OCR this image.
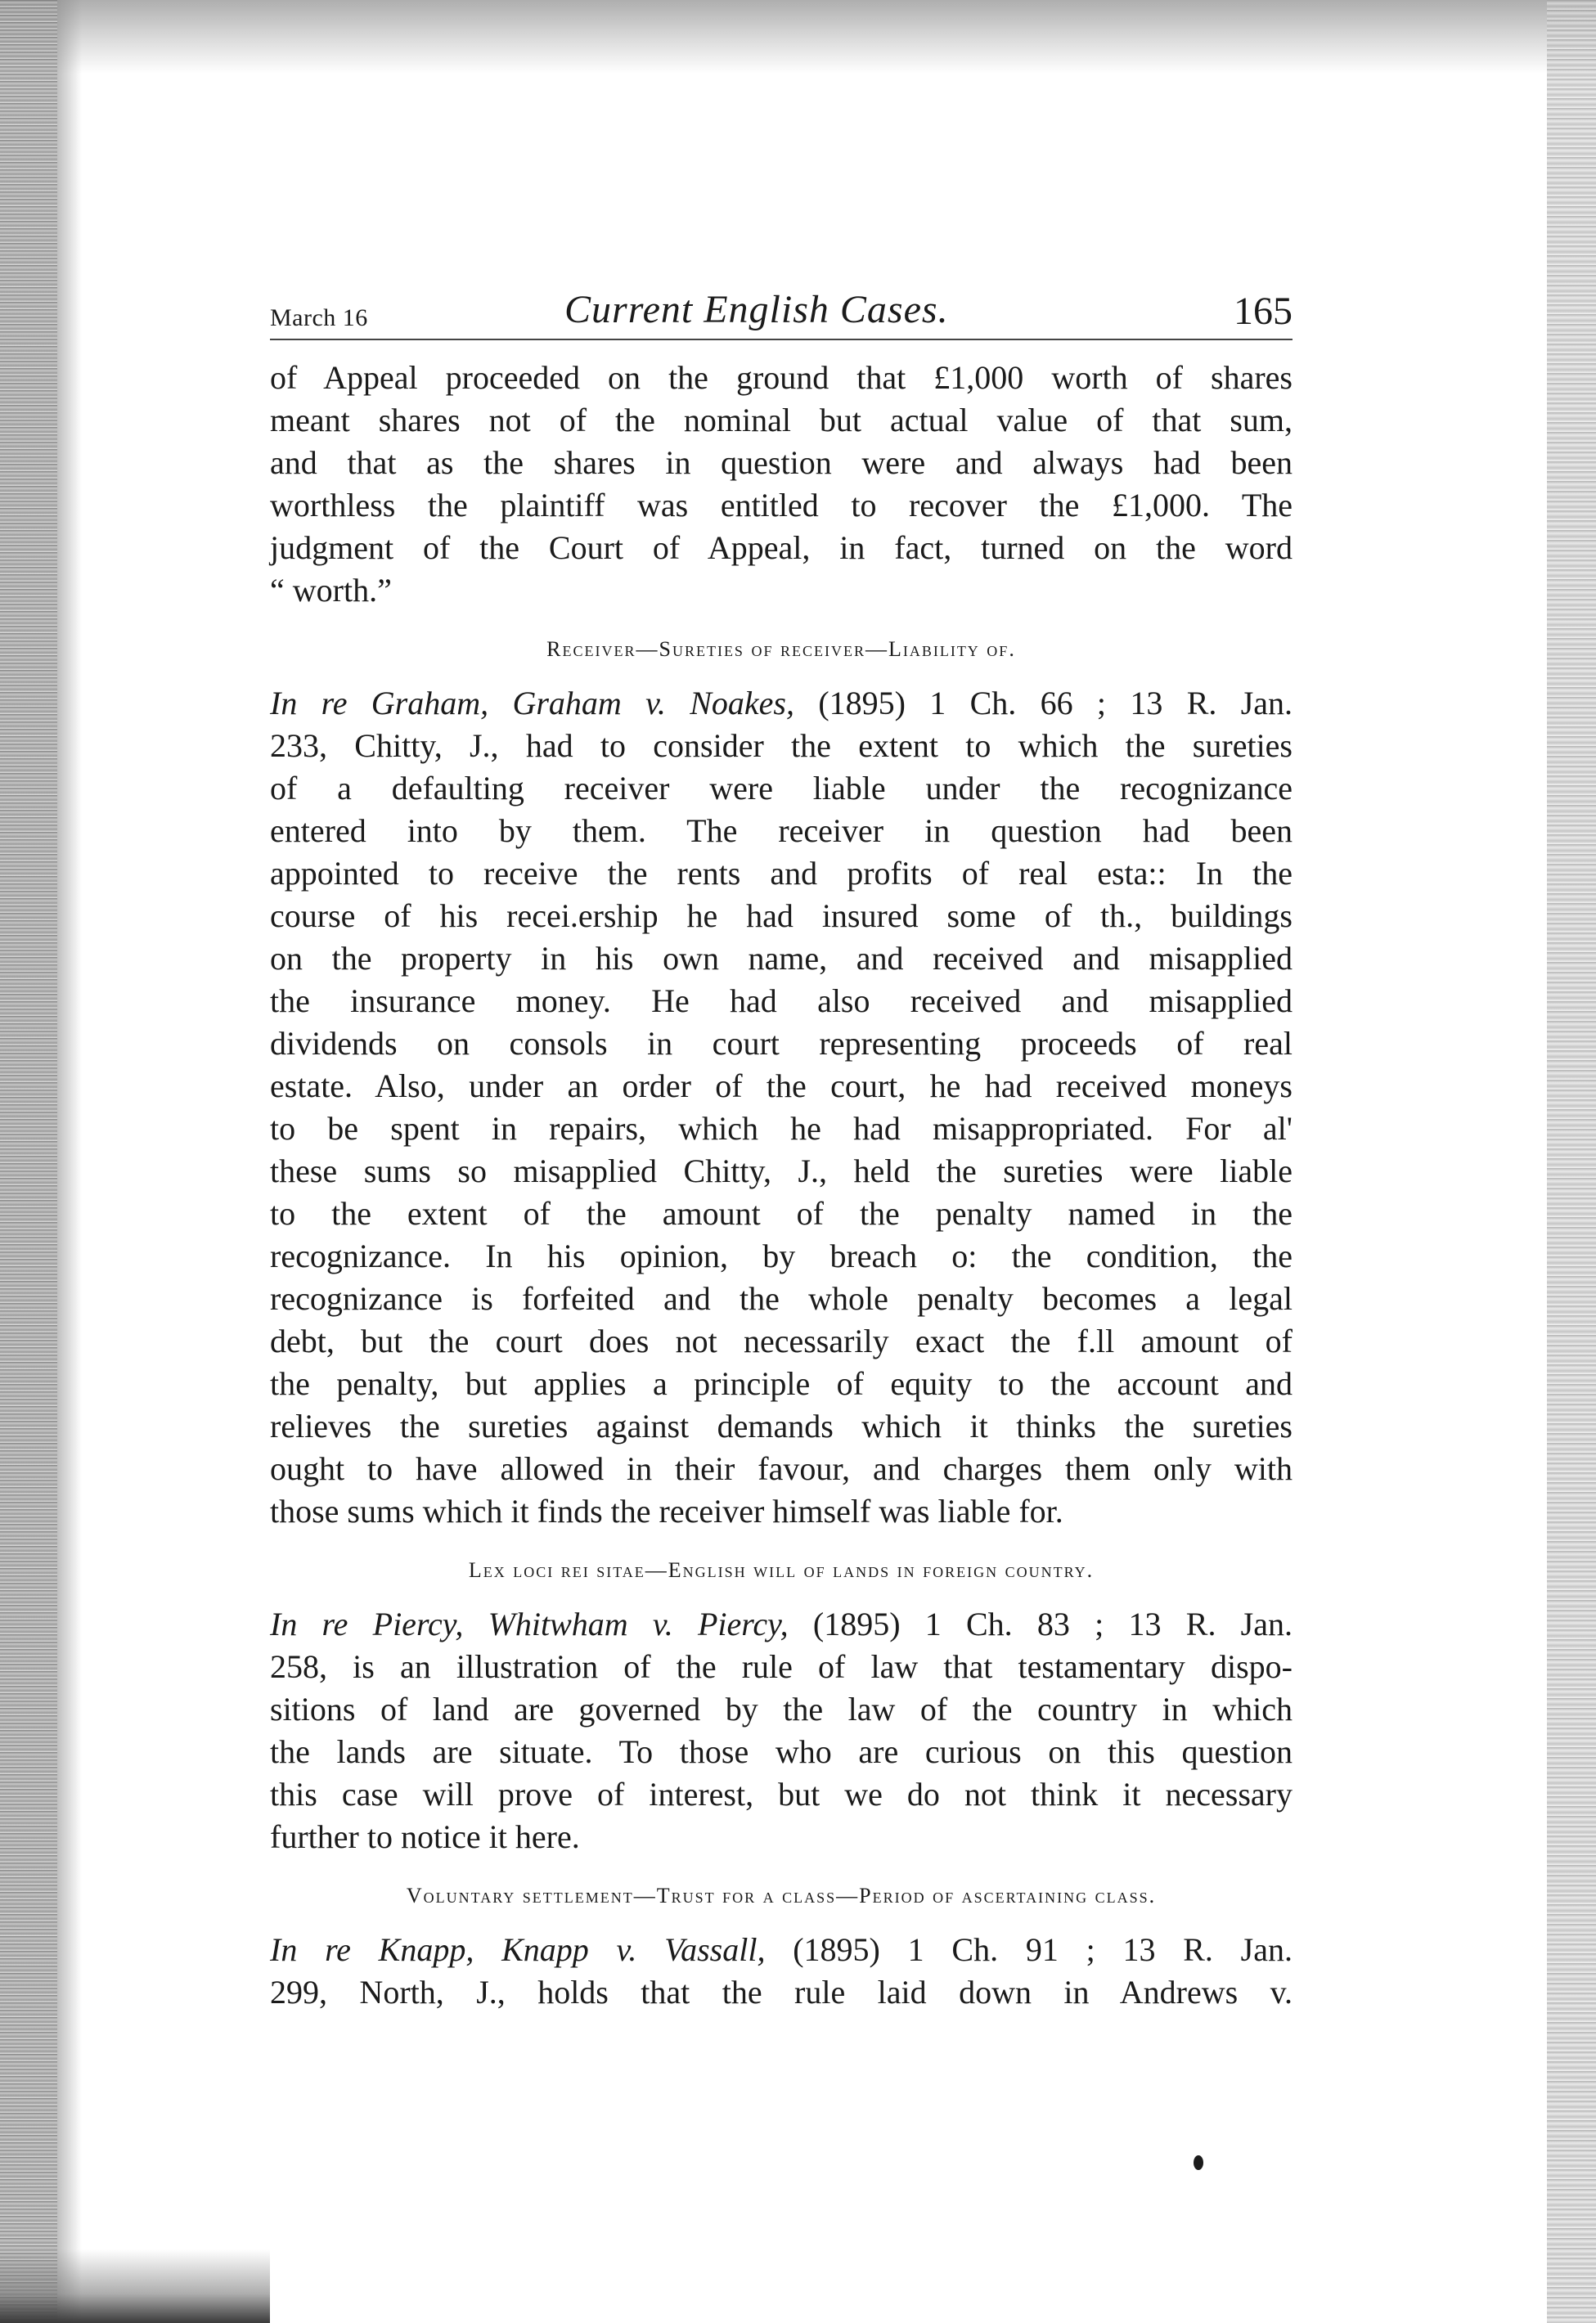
March 16	Current English Cases.	165
of Appeal proceeded on the ground that £1,000 worth of shares
meant shares not of the nominal but actual value of that sum,
and that as the shares in question were and always had been
worthless the plaintiff was entitled to recover the £1,000. The
judgment of the Court of Appeal, in fact, turned on the word
“ worth.”
Receiver—Sureties of receiver—Liability of.
In re Graham, Graham v. Noakes, (1895) 1 Ch. 66 ; 13 R. Jan.
233, Chitty, J., had to consider the extent to which the sureties
of a defaulting receiver were liable under the recognizance
entered into by them. The receiver in question had been
appointed to receive the rents and profits of real esta:: In the
course of his recei.ership he had insured some of th., buildings
on the property in his own name, and received and misapplied
the insurance money. He had also received and misapplied
dividends on consols in court representing proceeds of real
estate. Also, under an order of the court, he had received moneys
to be spent in repairs, which he had misappropriated. For al'
these sums so misapplied Chitty, J., held the sureties were liable
to the extent of the amount of the penalty named in the
recognizance. In his opinion, by breach o: the condition, the
recognizance is forfeited and the whole penalty becomes a legal
debt, but the court does not necessarily exact the f.ll amount of
the penalty, but applies a principle of equity to the account and
relieves the sureties against demands which it thinks the sureties
ought to have allowed in their favour, and charges them only with
those sums which it finds the receiver himself was liable for.
Lex loci rei sitae—English will of lands in foreign country.
In re Piercy, Whitwham v. Piercy, (1895) 1 Ch. 83 ; 13 R. Jan.
258, is an illustration of the rule of law that testamentary dispo-
sitions of land are governed by the law of the country in which
the lands are situate. To those who are curious on this question
this case will prove of interest, but we do not think it necessary
further to notice it here.
Voluntary settlement—Trust for a class—Period of ascertaining class.
In re Knapp, Knapp v. Vassall, (1895) 1 Ch. 91 ; 13 R. Jan.
299, North, J., holds that the rule laid down in Andrews v.
